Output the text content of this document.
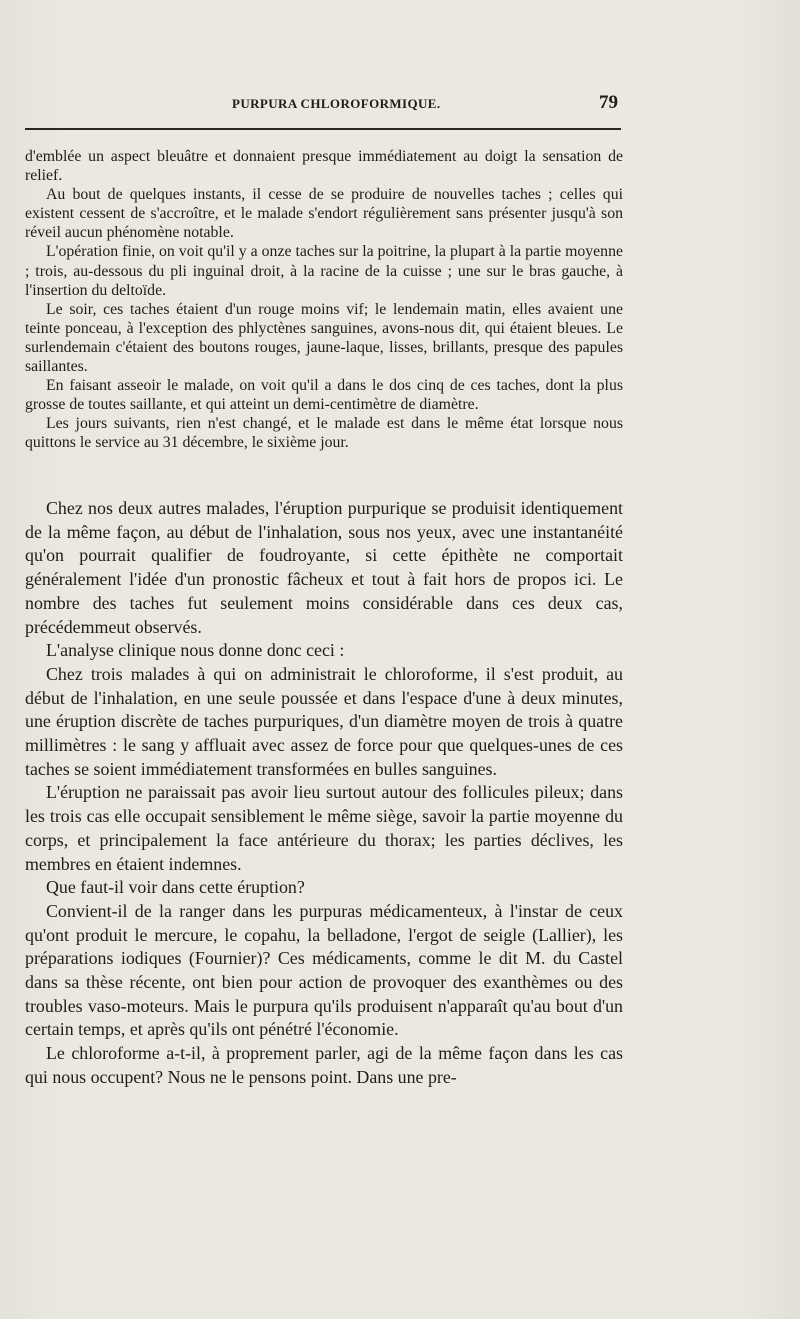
PURPURA CHLOROFORMIQUE.	79

d'emblée un aspect bleuâtre et donnaient presque immédiatement au doigt la sensation de relief.

Au bout de quelques instants, il cesse de se produire de nouvelles taches ; celles qui existent cessent de s'accroître, et le malade s'endort régulièrement sans présenter jusqu'à son réveil aucun phénomène notable.

L'opération finie, on voit qu'il y a onze taches sur la poitrine, la plupart à la partie moyenne ; trois, au-dessous du pli inguinal droit, à la racine de la cuisse ; une sur le bras gauche, à l'insertion du deltoïde.

Le soir, ces taches étaient d'un rouge moins vif; le lendemain matin, elles avaient une teinte ponceau, à l'exception des phlyctènes sanguines, avons-nous dit, qui étaient bleues. Le surlendemain c'étaient des boutons rouges, jaune-laque, lisses, brillants, presque des papules saillantes.

En faisant asseoir le malade, on voit qu'il a dans le dos cinq de ces taches, dont la plus grosse de toutes saillante, et qui atteint un demi-centimètre de diamètre.

Les jours suivants, rien n'est changé, et le malade est dans le même état lorsque nous quittons le service au 31 décembre, le sixième jour.

Chez nos deux autres malades, l'éruption purpurique se produisit identiquement de la même façon, au début de l'inhalation, sous nos yeux, avec une instantanéité qu'on pourrait qualifier de foudroyante, si cette épithète ne comportait généralement l'idée d'un pronostic fâcheux et tout à fait hors de propos ici. Le nombre des taches fut seulement moins considérable dans ces deux cas, précédemmeut observés.

L'analyse clinique nous donne donc ceci :

Chez trois malades à qui on administrait le chloroforme, il s'est produit, au début de l'inhalation, en une seule poussée et dans l'espace d'une à deux minutes, une éruption discrète de taches purpuriques, d'un diamètre moyen de trois à quatre millimètres : le sang y affluait avec assez de force pour que quelques-unes de ces taches se soient immédiatement transformées en bulles sanguines.

L'éruption ne paraissait pas avoir lieu surtout autour des follicules pileux; dans les trois cas elle occupait sensiblement le même siège, savoir la partie moyenne du corps, et principalement la face antérieure du thorax; les parties déclives, les membres en étaient indemnes.

Que faut-il voir dans cette éruption?

Convient-il de la ranger dans les purpuras médicamenteux, à l'instar de ceux qu'ont produit le mercure, le copahu, la belladone, l'ergot de seigle (Lallier), les préparations iodiques (Fournier)? Ces médicaments, comme le dit M. du Castel dans sa thèse récente, ont bien pour action de provoquer des exanthèmes ou des troubles vaso-moteurs. Mais le purpura qu'ils produisent n'apparaît qu'au bout d'un certain temps, et après qu'ils ont pénétré l'économie.

Le chloroforme a-t-il, à proprement parler, agi de la même façon dans les cas qui nous occupent? Nous ne le pensons point. Dans une pre-
